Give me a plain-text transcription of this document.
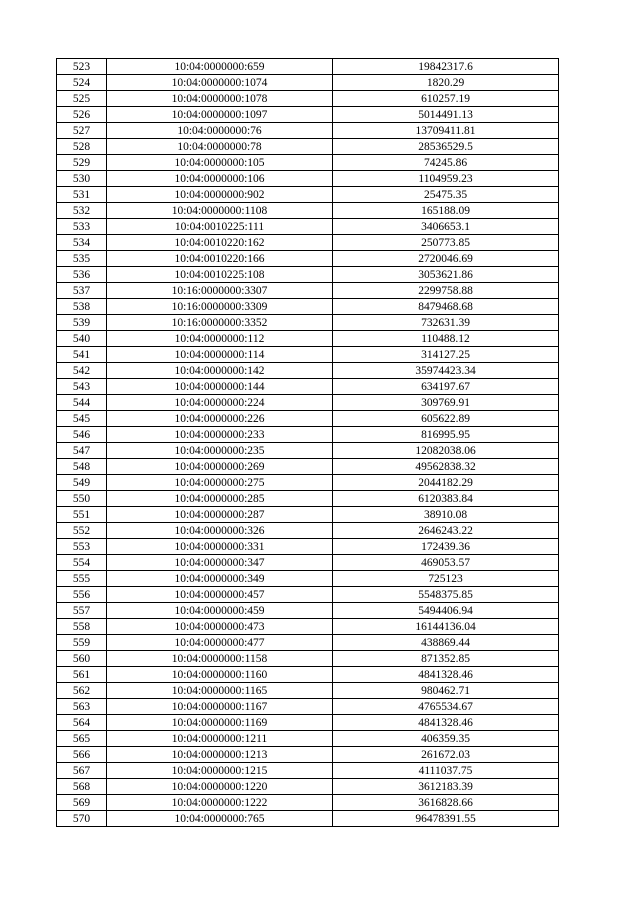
523	10:04:0000000:659	19842317.6
524	10:04:0000000:1074	1820.29
525	10:04:0000000:1078	610257.19
526	10:04:0000000:1097	5014491.13
527	10:04:0000000:76	13709411.81
528	10:04:0000000:78	28536529.5
529	10:04:0000000:105	74245.86
530	10:04:0000000:106	1104959.23
531	10:04:0000000:902	25475.35
532	10:04:0000000:1108	165188.09
533	10:04:0010225:111	3406653.1
534	10:04:0010220:162	250773.85
535	10:04:0010220:166	2720046.69
536	10:04:0010225:108	3053621.86
537	10:16:0000000:3307	2299758.88
538	10:16:0000000:3309	8479468.68
539	10:16:0000000:3352	732631.39
540	10:04:0000000:112	110488.12
541	10:04:0000000:114	314127.25
542	10:04:0000000:142	35974423.34
543	10:04:0000000:144	634197.67
544	10:04:0000000:224	309769.91
545	10:04:0000000:226	605622.89
546	10:04:0000000:233	816995.95
547	10:04:0000000:235	12082038.06
548	10:04:0000000:269	49562838.32
549	10:04:0000000:275	2044182.29
550	10:04:0000000:285	6120383.84
551	10:04:0000000:287	38910.08
552	10:04:0000000:326	2646243.22
553	10:04:0000000:331	172439.36
554	10:04:0000000:347	469053.57
555	10:04:0000000:349	725123
556	10:04:0000000:457	5548375.85
557	10:04:0000000:459	5494406.94
558	10:04:0000000:473	16144136.04
559	10:04:0000000:477	438869.44
560	10:04:0000000:1158	871352.85
561	10:04:0000000:1160	4841328.46
562	10:04:0000000:1165	980462.71
563	10:04:0000000:1167	4765534.67
564	10:04:0000000:1169	4841328.46
565	10:04:0000000:1211	406359.35
566	10:04:0000000:1213	261672.03
567	10:04:0000000:1215	4111037.75
568	10:04:0000000:1220	3612183.39
569	10:04:0000000:1222	3616828.66
570	10:04:0000000:765	96478391.55
